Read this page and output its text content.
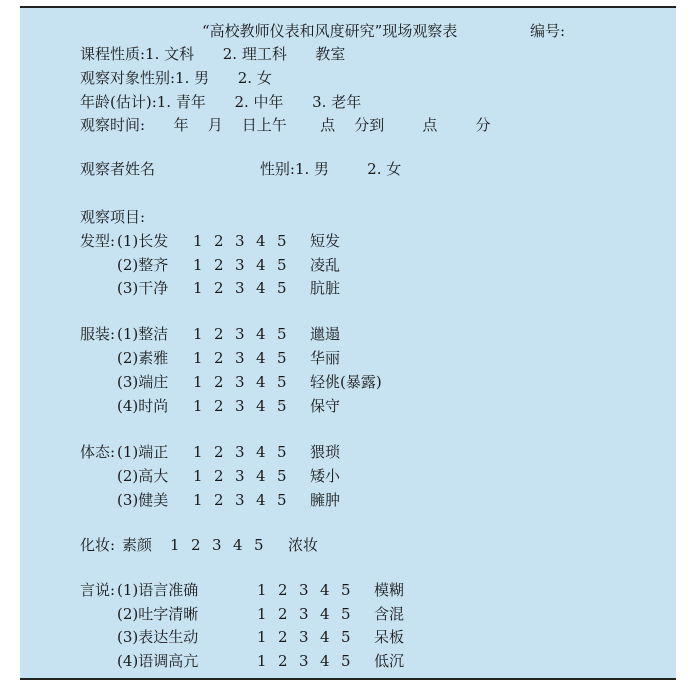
“高校教师仪表和风度研究”现场观察表	编号:
课程性质:1. 文科      2. 理工科      教室
观察对象性别:1. 男      2. 女
年龄(估计):1. 青年      2. 中年      3. 老年
观察时间:      年    月    日上午       点    分到        点        分
观察者姓名                      性别:1. 男        2. 女
观察项目:
发型: (1)长发 1 2 3 4 5	短发
(2)整齐 1 2 3 4 5	凌乱
(3)干净 1 2 3 4 5	肮脏
服装: (1)整洁 1 2 3 4 5	邋遢
(2)素雅 1 2 3 4 5	华丽
(3)端庄 1 2 3 4 5	轻佻(暴露)
(4)时尚 1 2 3 4 5	保守
体态: (1)端正 1 2 3 4 5	猥琐
(2)高大 1 2 3 4 5	矮小
(3)健美 1 2 3 4 5	臃肿
化妆: 素颜 1 2 3 4 5	浓妆
言说: (1)语言准确	1 2 3 4 5	模糊
(2)吐字清晰	1 2 3 4 5	含混
(3)表达生动	1 2 3 4 5	呆板
(4)语调高亢	1 2 3 4 5	低沉
